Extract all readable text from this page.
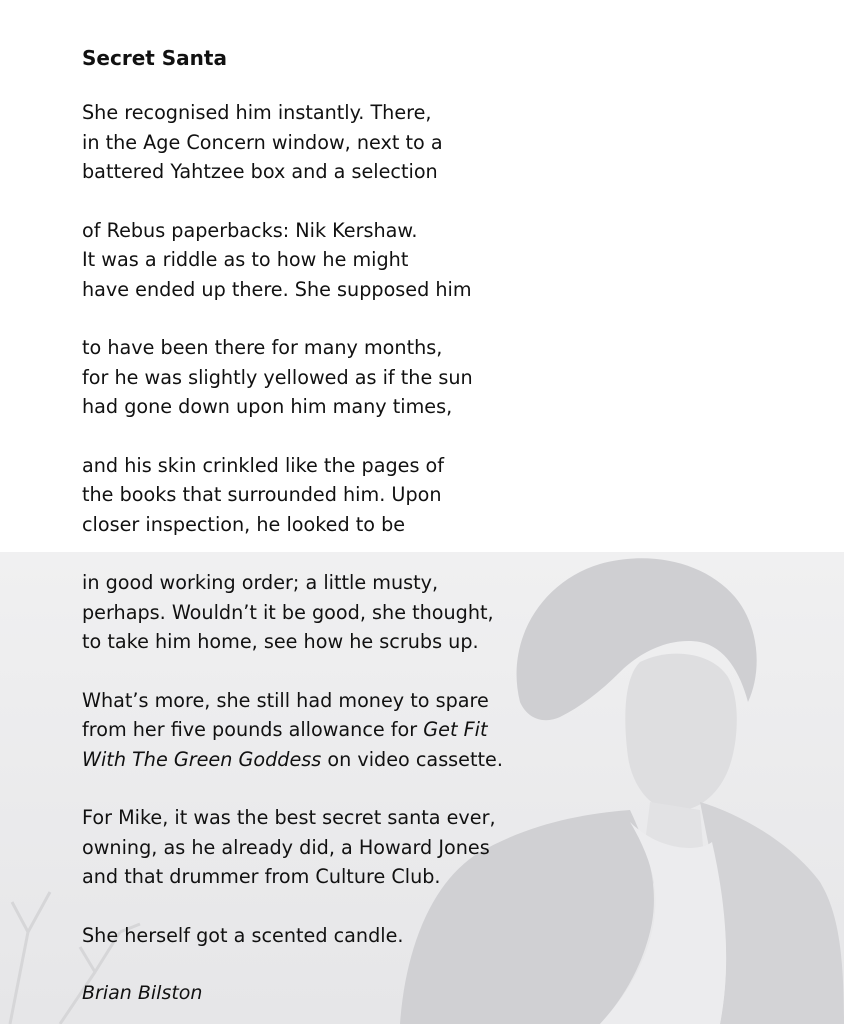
Secret Santa
She recognised him instantly. There,
in the Age Concern window, next to a
battered Yahtzee box and a selection
of Rebus paperbacks: Nik Kershaw.
It was a riddle as to how he might
have ended up there. She supposed him
to have been there for many months,
for he was slightly yellowed as if the sun
had gone down upon him many times,
and his skin crinkled like the pages of
the books that surrounded him. Upon
closer inspection, he looked to be
in good working order; a little musty,
perhaps. Wouldn’t it be good, she thought,
to take him home, see how he scrubs up.
What’s more, she still had money to spare
from her five pounds allowance for Get Fit
With The Green Goddess on video cassette.
For Mike, it was the best secret santa ever,
owning, as he already did, a Howard Jones
and that drummer from Culture Club.
She herself got a scented candle.
Brian Bilston
